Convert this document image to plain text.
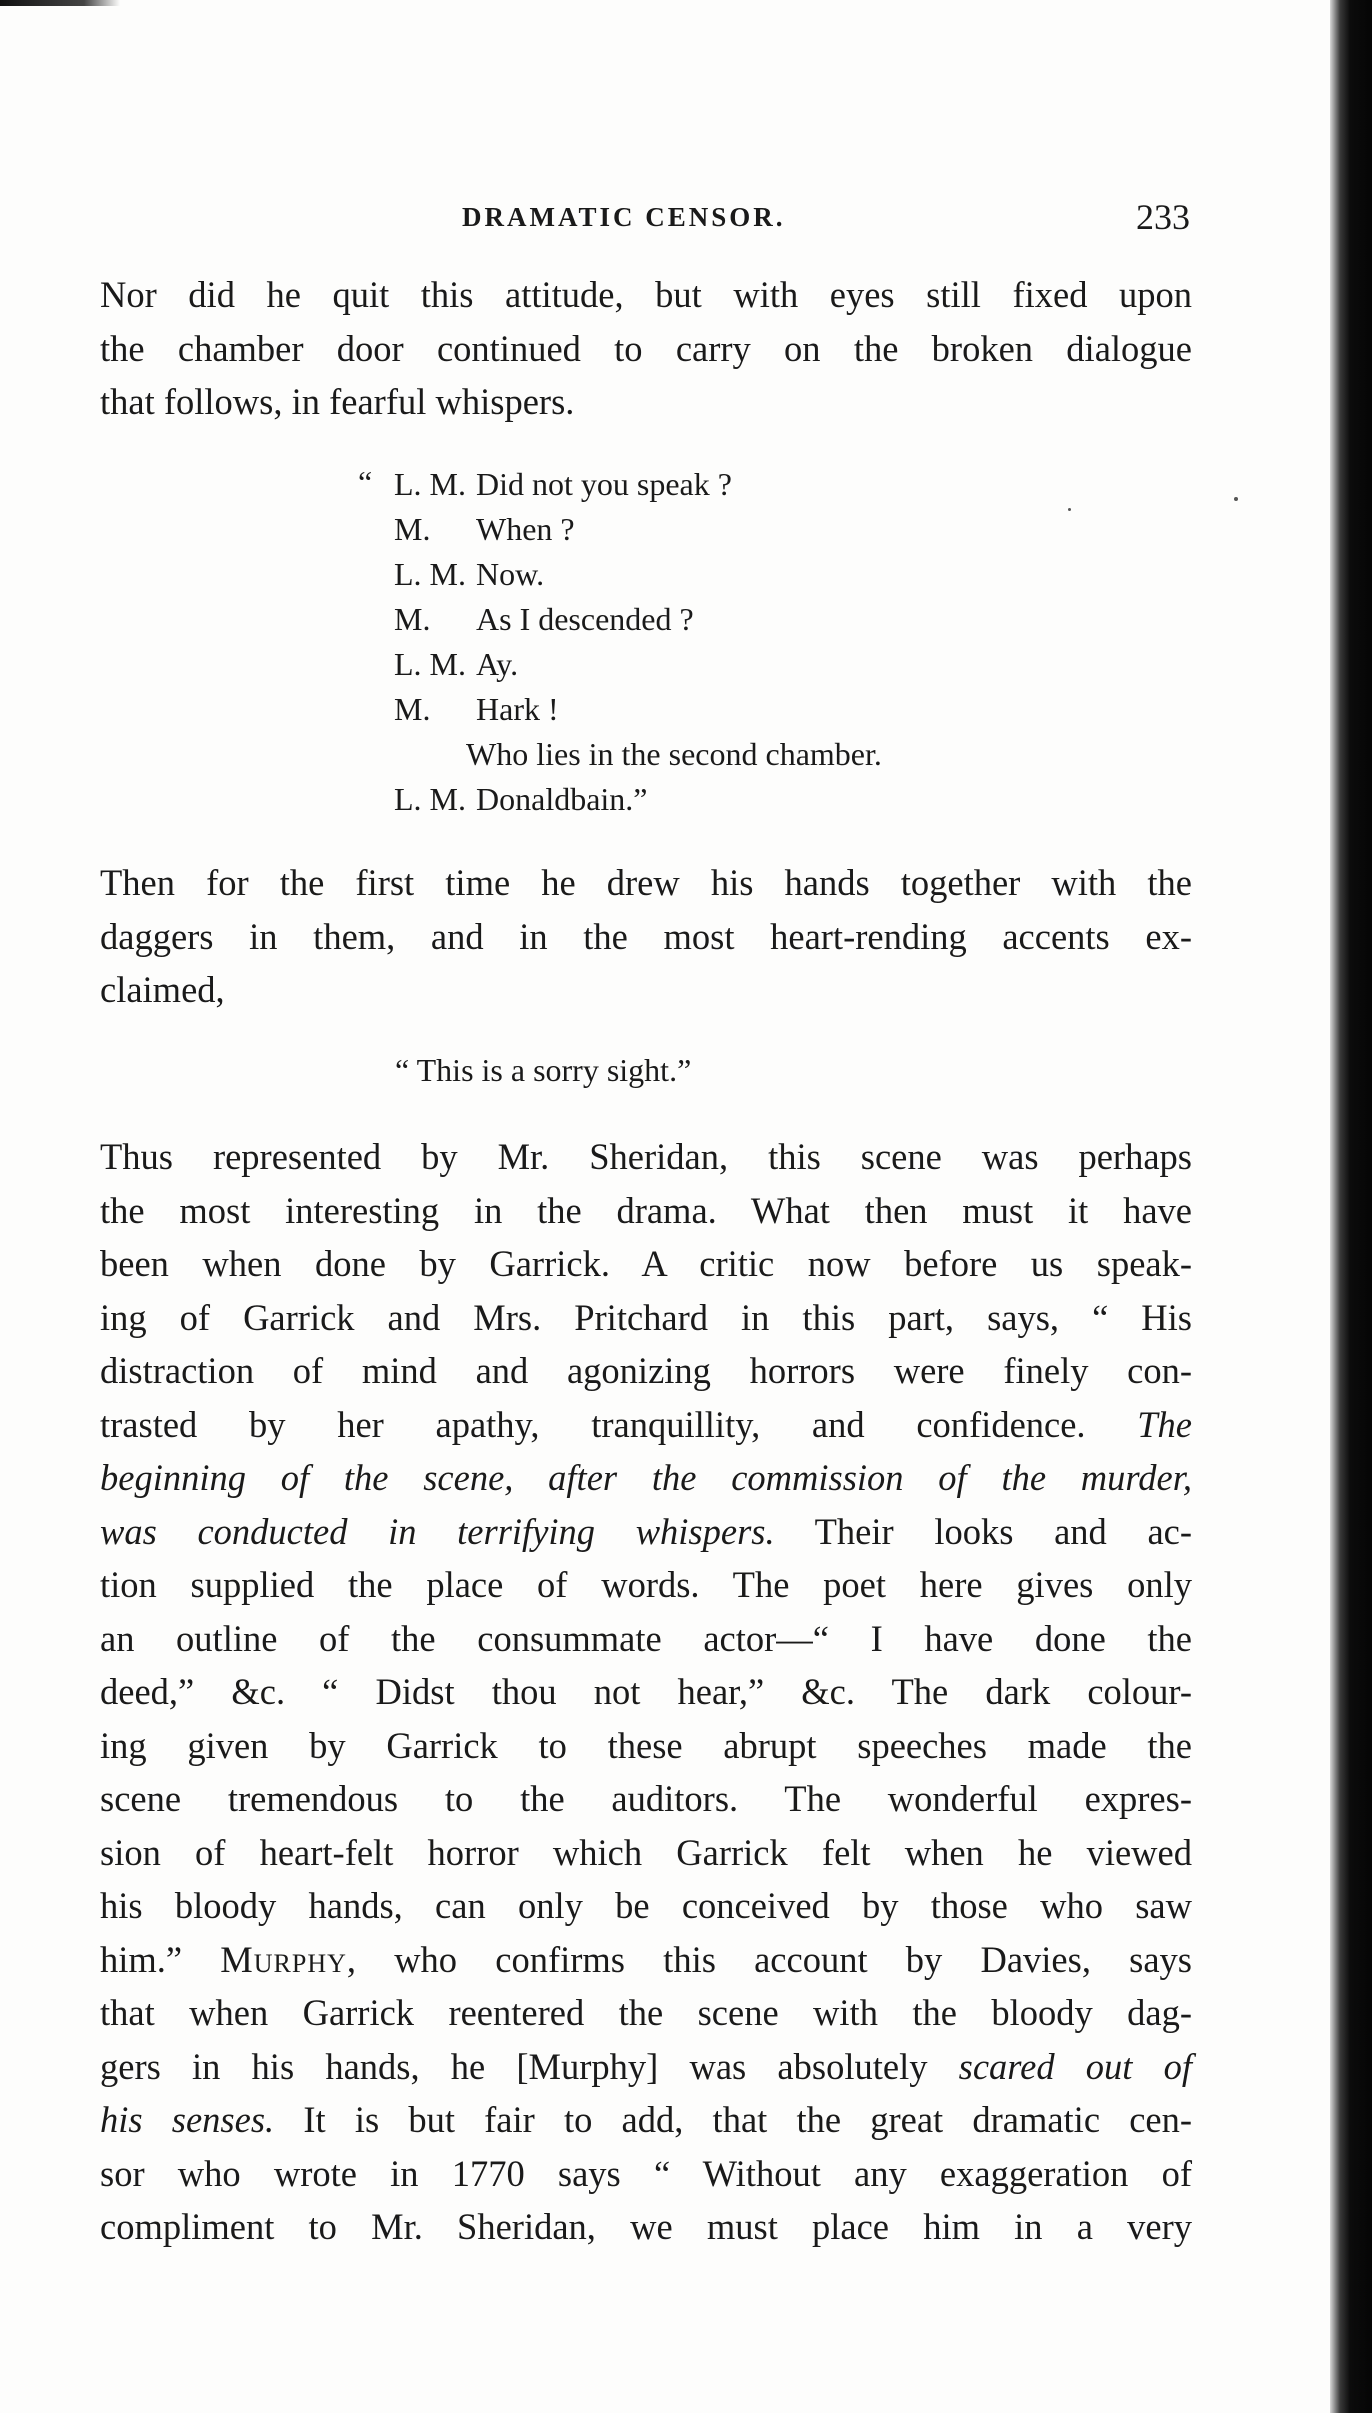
DRAMATIC CENSOR.	233

Nor did he quit this attitude, but with eyes still fixed upon
the chamber door continued to carry on the broken dialogue
that follows, in fearful whispers.

“ L. M. Did not you speak ?
M. When ?
L. M. Now.
M. As I descended ?
L. M. Ay.
M. Hark !
Who lies in the second chamber.
L. M. Donaldbain.”

Then for the first time he drew his hands together with the
daggers in them, and in the most heart-rending accents ex-
claimed,

“ This is a sorry sight.”

Thus represented by Mr. Sheridan, this scene was perhaps
the most interesting in the drama. What then must it have
been when done by Garrick. A critic now before us speak-
ing of Garrick and Mrs. Pritchard in this part, says, “ His
distraction of mind and agonizing horrors were finely con-
trasted by her apathy, tranquillity, and confidence. The
beginning of the scene, after the commission of the murder,
was conducted in terrifying whispers. Their looks and ac-
tion supplied the place of words. The poet here gives only
an outline of the consummate actor—“ I have done the
deed,” &c. “ Didst thou not hear,” &c. The dark colour-
ing given by Garrick to these abrupt speeches made the
scene tremendous to the auditors. The wonderful expres-
sion of heart-felt horror which Garrick felt when he viewed
his bloody hands, can only be conceived by those who saw
him.” Murphy, who confirms this account by Davies, says
that when Garrick reentered the scene with the bloody dag-
gers in his hands, he [Murphy] was absolutely scared out of
his senses. It is but fair to add, that the great dramatic cen-
sor who wrote in 1770 says “ Without any exaggeration of
compliment to Mr. Sheridan, we must place him in a very
